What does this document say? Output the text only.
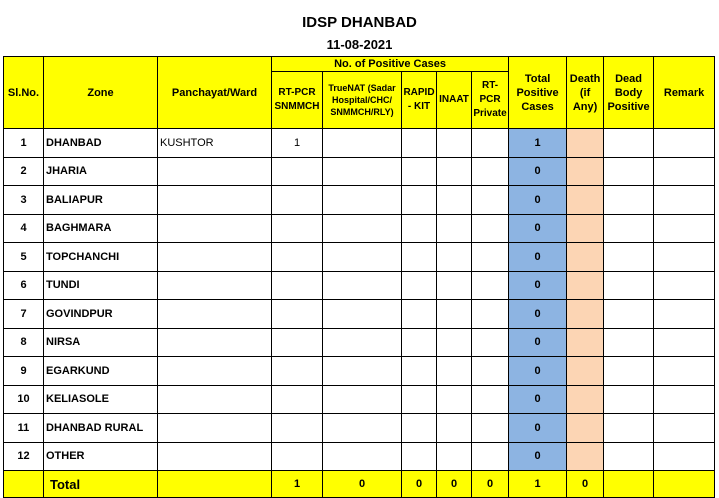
IDSP DHANBAD
11-08-2021
Sl.No.	Zone	Panchayat/Ward	No. of Positive Cases					Total Positive Cases	Death (if Any)	Dead Body Positive	Remark
			RT-PCR SNMMCH	TrueNAT (Sadar Hospital/CHC/ SNMMCH/RLY)	RAPID - KIT	INAAT	RT-PCR Private				
1	DHANBAD	KUSHTOR	1					1			
2	JHARIA							0			
3	BALIAPUR							0			
4	BAGHMARA							0			
5	TOPCHANCHI							0			
6	TUNDI							0			
7	GOVINDPUR							0			
8	NIRSA							0			
9	EGARKUND							0			
10	KELIASOLE							0			
11	DHANBAD RURAL							0			
12	OTHER							0			
	Total		1	0	0	0	0	1	0		
